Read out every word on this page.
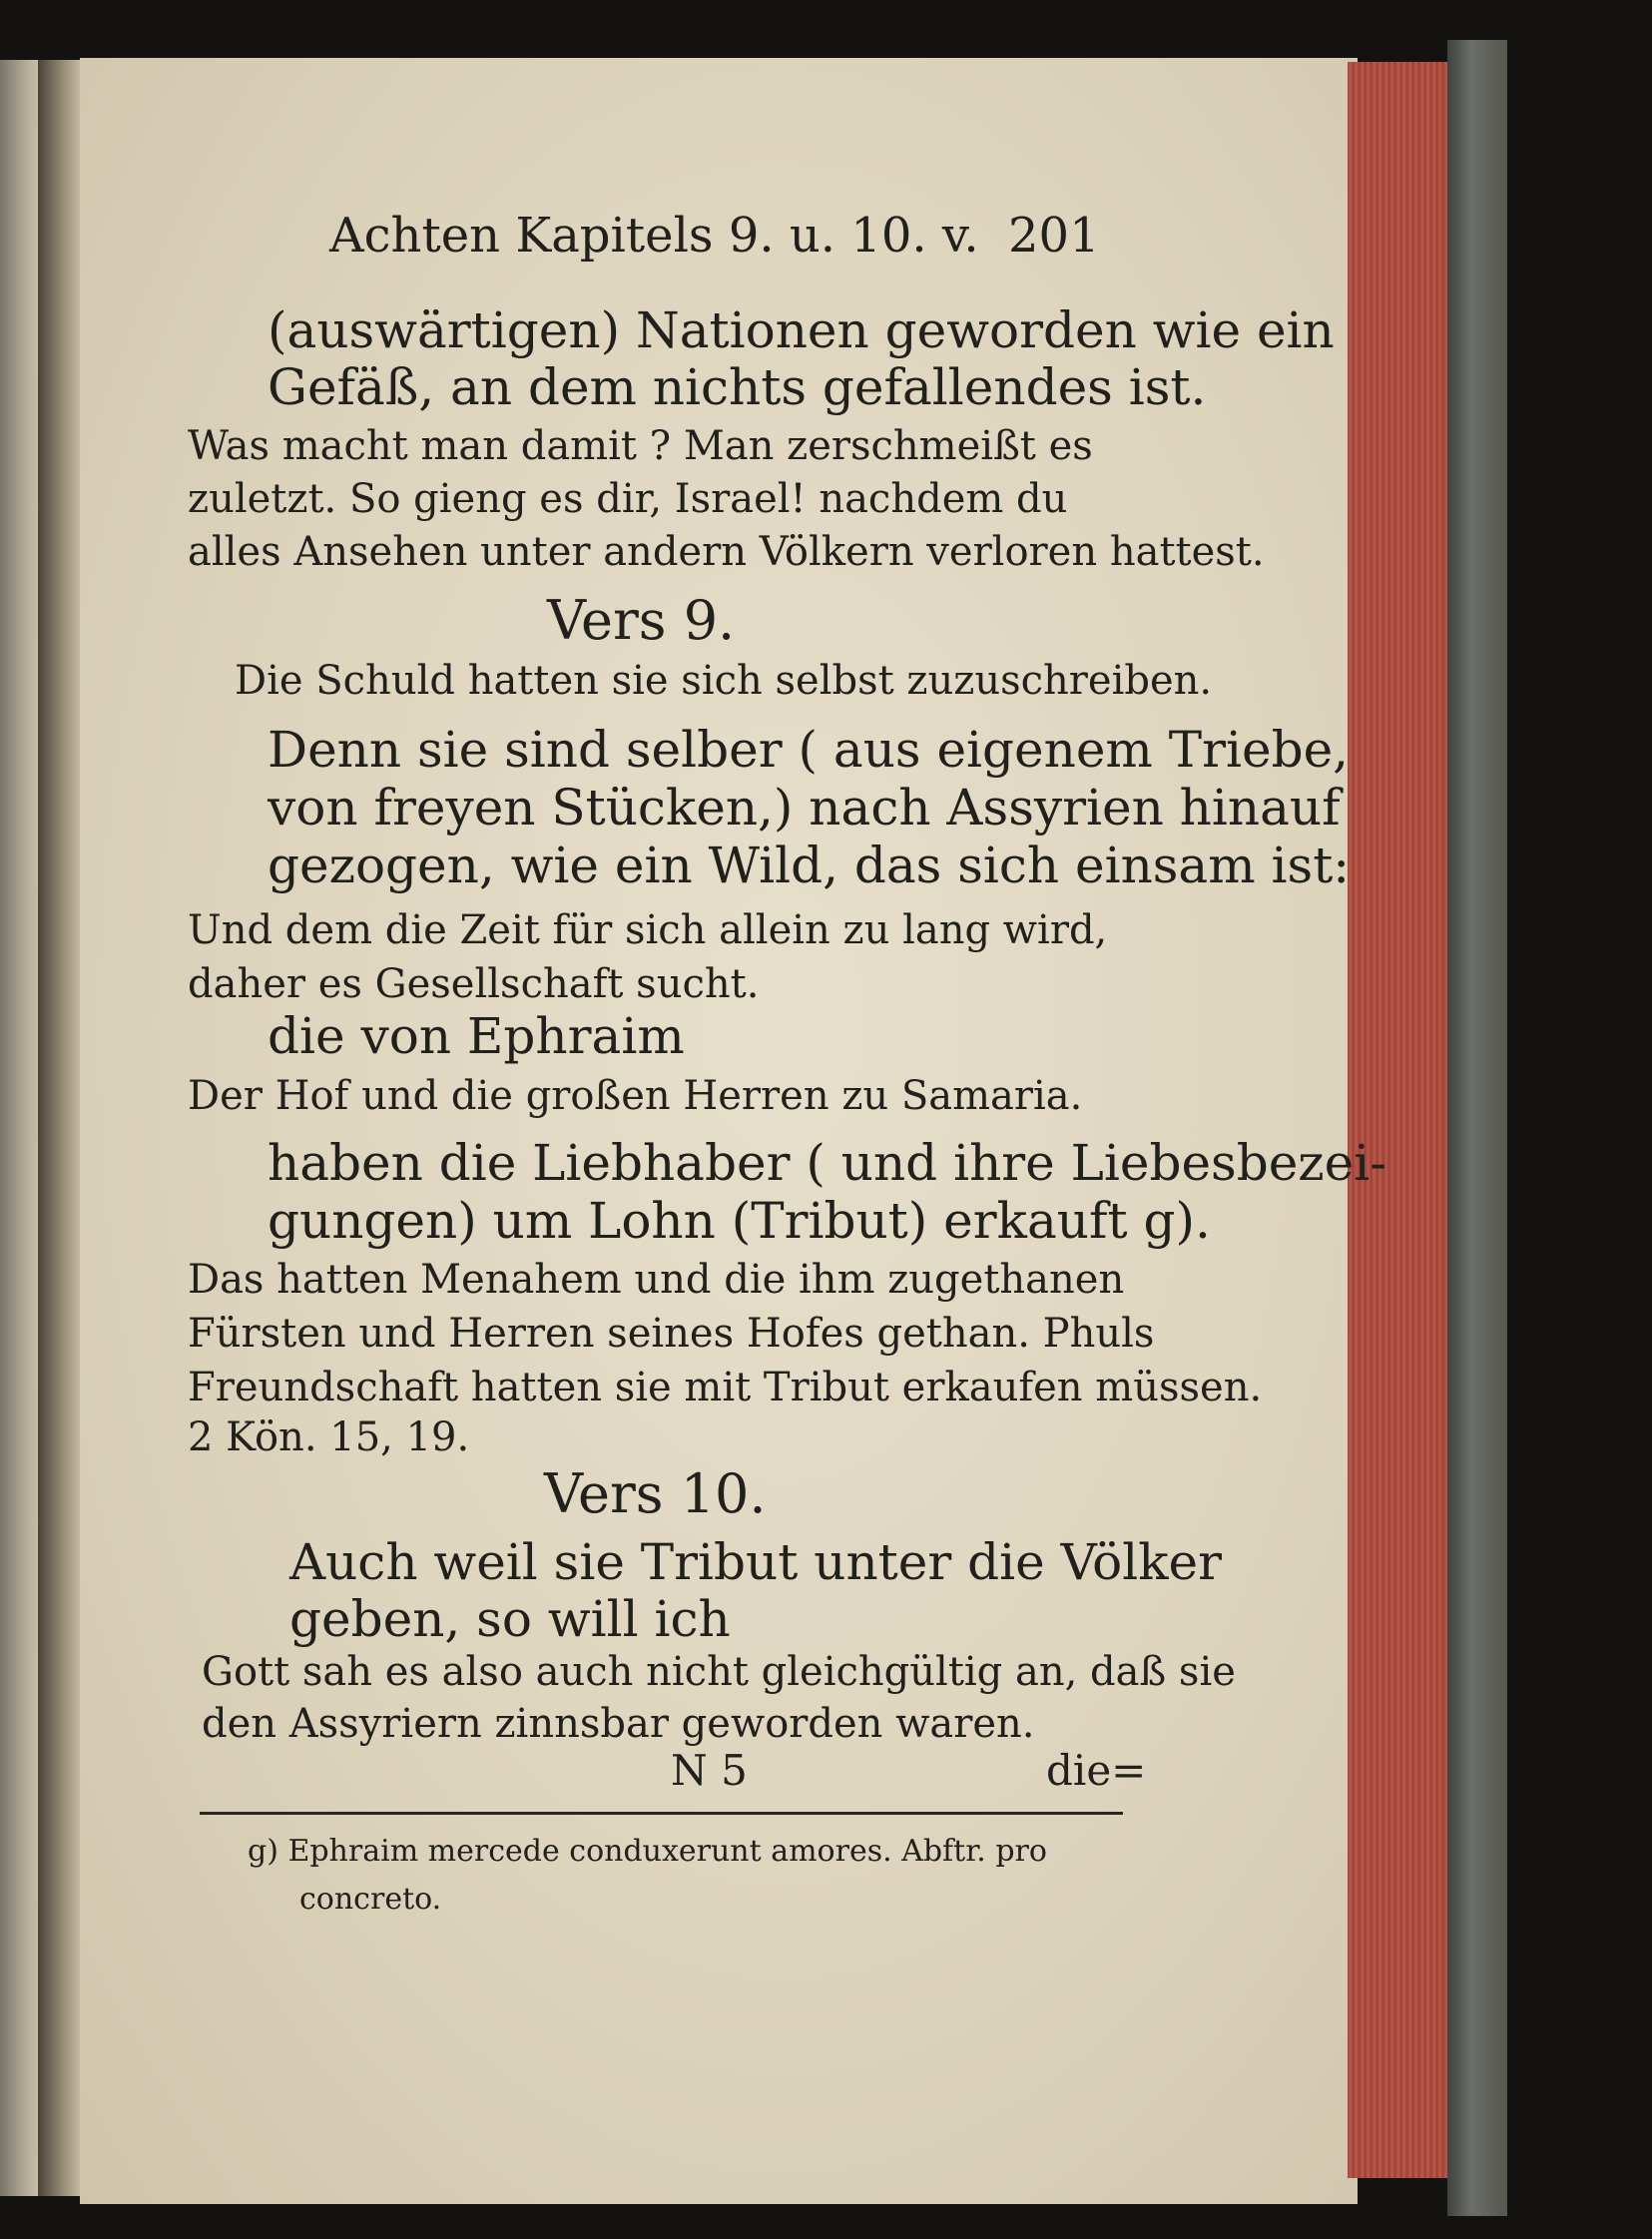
Achten Kapitels 9. u. 10. v. 201
(auswärtigen) Nationen geworden wie ein
Gefäß, an dem nichts gefallendes ist.
Was macht man damit ? Man zerschmeißt es
zuletzt. So gieng es dir, Israel! nachdem du
alles Ansehen unter andern Völkern verloren hattest.
Vers 9.
Die Schuld hatten sie sich selbst zuzuschreiben.
Denn sie sind selber ( aus eigenem Triebe,
von freyen Stücken,) nach Assyrien hinauf
gezogen, wie ein Wild, das sich einsam ist:
Und dem die Zeit für sich allein zu lang wird,
daher es Gesellschaft sucht.
die von Ephraim
Der Hof und die großen Herren zu Samaria.
haben die Liebhaber ( und ihre Liebesbezei-
gungen) um Lohn (Tribut) erkauft g).
Das hatten Menahem und die ihm zugethanen
Fürsten und Herren seines Hofes gethan. Phuls
Freundschaft hatten sie mit Tribut erkaufen müssen.
2 Kön. 15, 19.
Vers 10.
Auch weil sie Tribut unter die Völker
geben, so will ich
Gott sah es also auch nicht gleichgültig an, daß sie
den Assyriern zinnsbar geworden waren.
N 5	die=
g) Ephraim mercede conduxerunt amores. Abftr. pro
concreto.
